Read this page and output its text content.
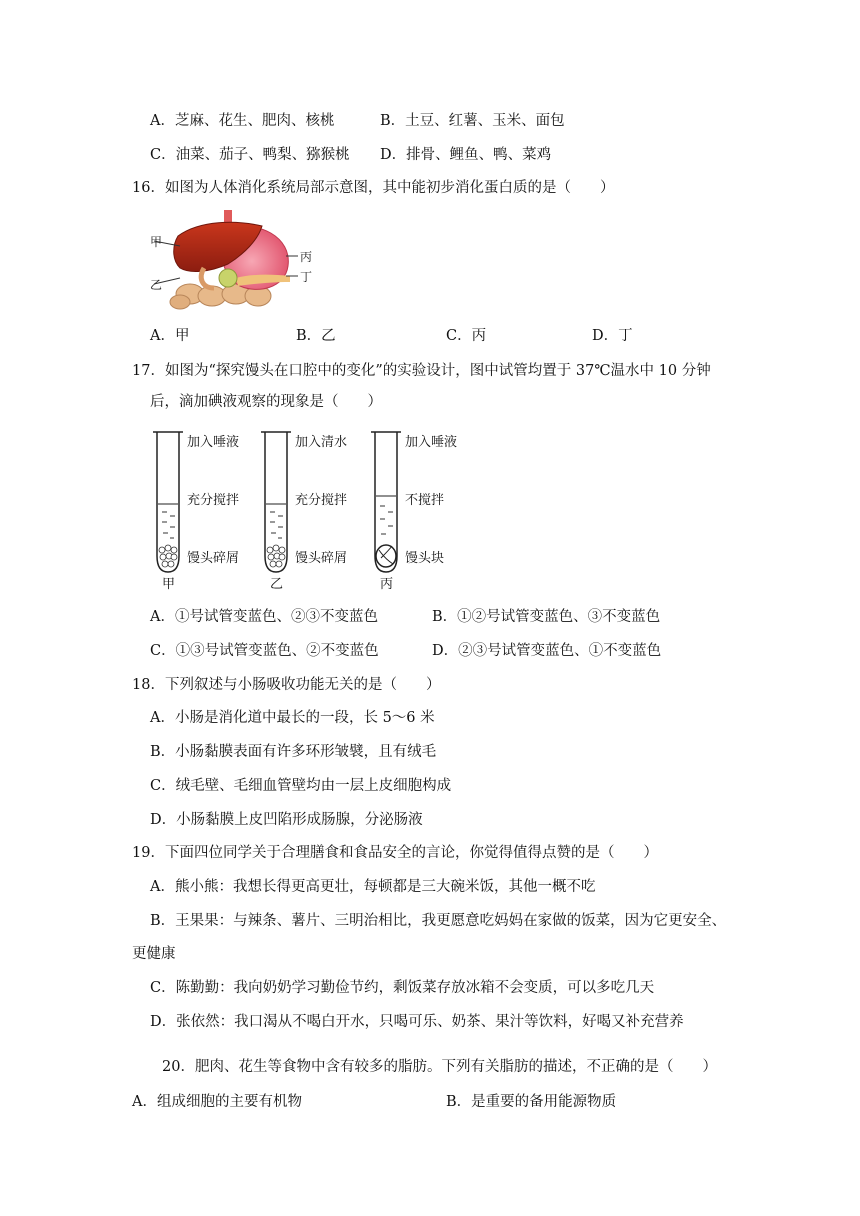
A．芝麻、花生、肥肉、核桃	B．土豆、红薯、玉米、面包
C．油菜、茄子、鸭梨、猕猴桃 D．排骨、鲤鱼、鸭、菜鸡
16．如图为人体消化系统局部示意图，其中能初步消化蛋白质的是（　　）
甲
乙
丙
丁
A．甲	B．乙	C．丙	D．丁
17．如图为“探究馒头在口腔中的变化”的实验设计，图中试管均置于 37℃温水中 10 分钟
后，滴加碘液观察的现象是（　　）
加入唾液
充分搅拌
馒头碎屑
甲
加入清水
充分搅拌
馒头碎屑
乙
加入唾液
不搅拌
馒头块
丙
A．①号试管变蓝色、②③不变蓝色	B．①②号试管变蓝色、③不变蓝色
C．①③号试管变蓝色、②不变蓝色	D．②③号试管变蓝色、①不变蓝色
18．下列叙述与小肠吸收功能无关的是（　　）
A．小肠是消化道中最长的一段，长 5～6 米
B．小肠黏膜表面有许多环形皱襞，且有绒毛
C．绒毛壁、毛细血管壁均由一层上皮细胞构成
D．小肠黏膜上皮凹陷形成肠腺，分泌肠液
19．下面四位同学关于合理膳食和食品安全的言论，你觉得值得点赞的是（　　）
A．熊小熊：我想长得更高更壮，每顿都是三大碗米饭，其他一概不吃
B．王果果：与辣条、薯片、三明治相比，我更愿意吃妈妈在家做的饭菜，因为它更安全、
更健康
C．陈勤勤：我向奶奶学习勤俭节约，剩饭菜存放冰箱不会变质，可以多吃几天
D．张依然：我口渴从不喝白开水，只喝可乐、奶茶、果汁等饮料，好喝又补充营养
20．肥肉、花生等食物中含有较多的脂肪。下列有关脂肪的描述，不正确的是（　　）
A．组成细胞的主要有机物	B．是重要的备用能源物质
